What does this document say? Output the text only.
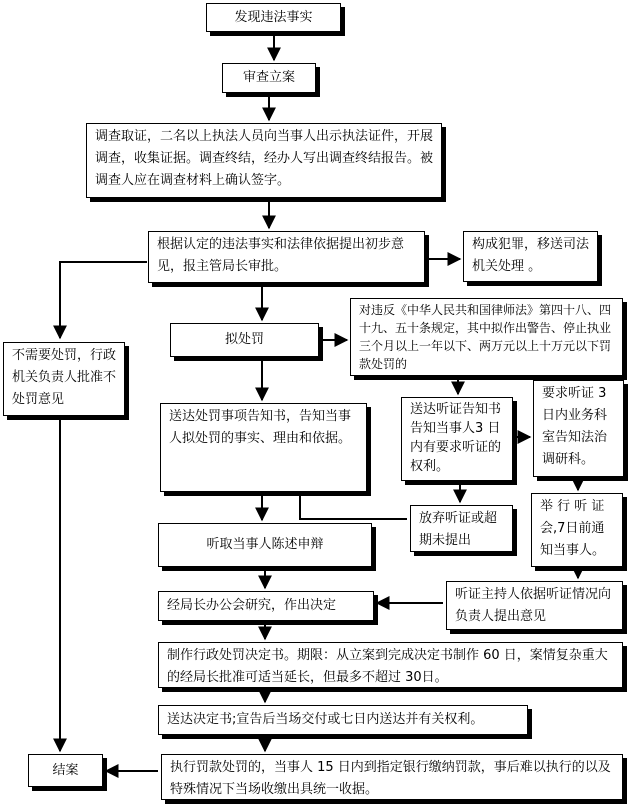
发现违法事实
审查立案
调查取证，二名以上执法人员向当事人出示执法证件，开展调查，收集证据。调查终结，经办人写出调查终结报告。被调查人应在调查材料上确认签字。
根据认定的违法事实和法律依据提出初步意见，报主管局长审批。
构成犯罪，移送司法机关处理 。
不需要处罚，行政机关负责人批准不处罚意见
拟处罚
对违反《中华人民共和国律师法》第四十八、四十九、五十条规定，其中拟作出警告、停止执业三个月以上一年以下、两万元以上十万元以下罚款处罚的
送达处罚事项告知书，告知当事人拟处罚的事实、理由和依据。
送达听证告知书告知当事人3 日内有要求听证的权利。
要求听证 3日内业务科室告知法治调研科。
放弃听证或超期未提出
举 行 听 证会,7日前通知当事人。
听取当事人陈述申辩
听证主持人依据听证情况向负责人提出意见
经局长办公会研究，作出决定
制作行政处罚决定书。期限：从立案到完成决定书制作 60 日，案情复杂重大的经局长批准可适当延长，但最多不超过 30日。
送达决定书;宣告后当场交付或七日内送达并有关权利。
结案	执行罚款处罚的，当事人 15 日内到指定银行缴纳罚款，事后难以执行的以及特殊情况下当场收缴出具统一收据。
